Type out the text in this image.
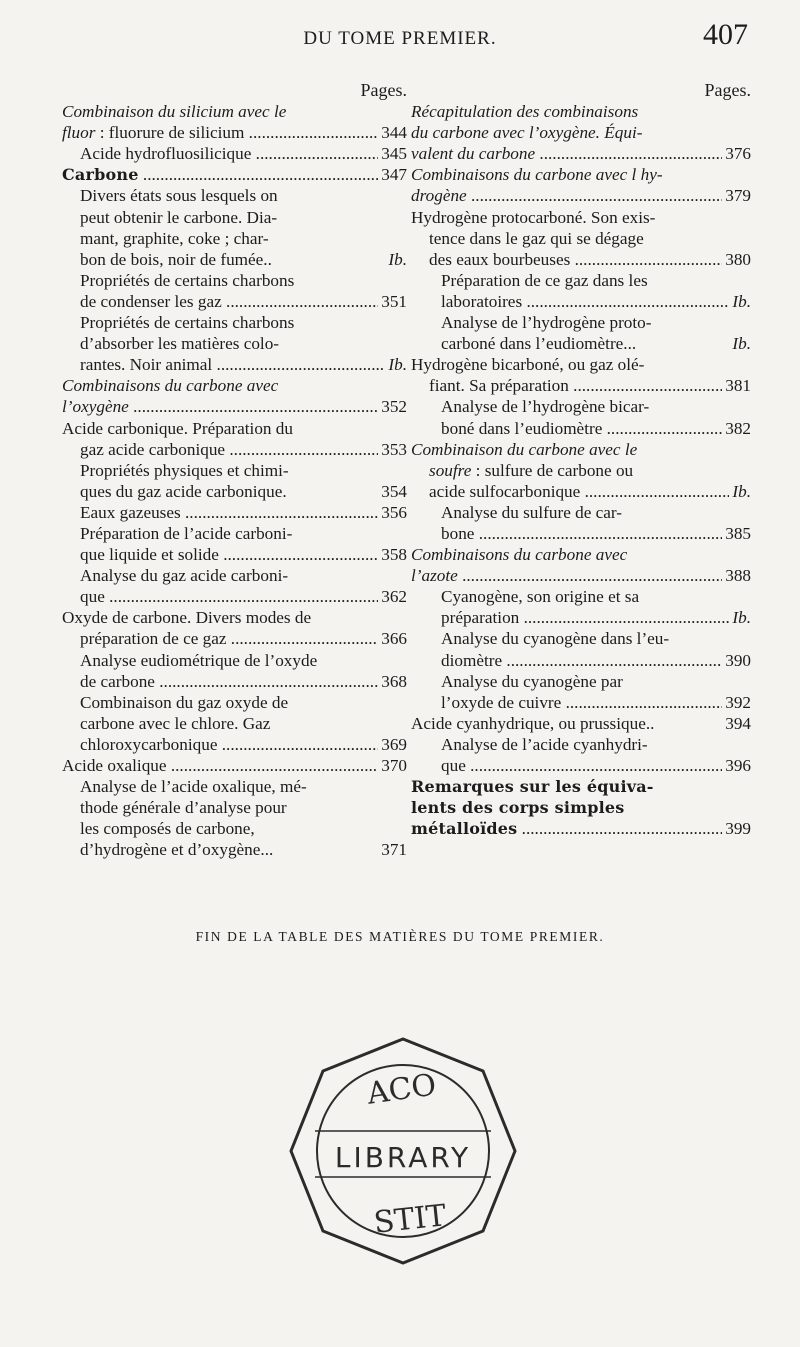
DU TOME PREMIER.	407
Pages.
Combinaison du silicium avec le
fluor : fluorure de silicium .....	344
Acide hydrofluosilicique .....	345
Carbone .....	347
Divers états sous lesquels on
peut obtenir le carbone. Dia-
mant, graphite, coke ; char-
bon de bois, noir de fumée..	Ib.
Propriétés de certains charbons
de condenser les gaz .....	351
Propriétés de certains charbons
d’absorber les matières colo-
rantes. Noir animal .....	Ib.
Combinaisons du carbone avec
l’oxygène .....	352
Acide carbonique. Préparation du
gaz acide carbonique .....	353
Propriétés physiques et chimi-
ques du gaz acide carbonique.	354
Eaux gazeuses .....	356
Préparation de l’acide carboni-
que liquide et solide .....	358
Analyse du gaz acide carboni-
que .....	362
Oxyde de carbone. Divers modes de
préparation de ce gaz .....	366
Analyse eudiométrique de l’oxyde
de carbone .....	368
Combinaison du gaz oxyde de
carbone avec le chlore. Gaz
chloroxycarbonique .....	369
Acide oxalique .....	370
Analyse de l’acide oxalique, mé-
thode générale d’analyse pour
les composés de carbone,
d’hydrogène et d’oxygène...	371
Pages.
Récapitulation des combinaisons
du carbone avec l’oxygène. Équi-
valent du carbone .....	376
Combinaisons du carbone avec l hy-
drogène .....	379
Hydrogène protocarboné. Son exis-
tence dans le gaz qui se dégage
des eaux bourbeuses .....	380
Préparation de ce gaz dans les
laboratoires .....	Ib.
Analyse de l’hydrogène proto-
carboné dans l’eudiomètre...	Ib.
Hydrogène bicarboné, ou gaz olé-
fiant. Sa préparation .....	381
Analyse de l’hydrogène bicar-
boné dans l’eudiomètre .....	382
Combinaison du carbone avec le
soufre : sulfure de carbone ou
acide sulfocarbonique .....	Ib.
Analyse du sulfure de car-
bone .....	385
Combinaisons du carbone avec
l’azote .....	388
Cyanogène, son origine et sa
préparation .....	Ib.
Analyse du cyanogène dans l’eu-
diomètre .....	390
Analyse du cyanogène par
l’oxyde de cuivre .....	392
Acide cyanhydrique, ou prussique..	394
Analyse de l’acide cyanhydri-
que .....	396
Remarques sur les équiva-
lents des corps simples
métalloïdes .....	399
FIN DE LA TABLE DES MATIÈRES DU TOME PREMIER.
LIBRARY
ACO
STIT
